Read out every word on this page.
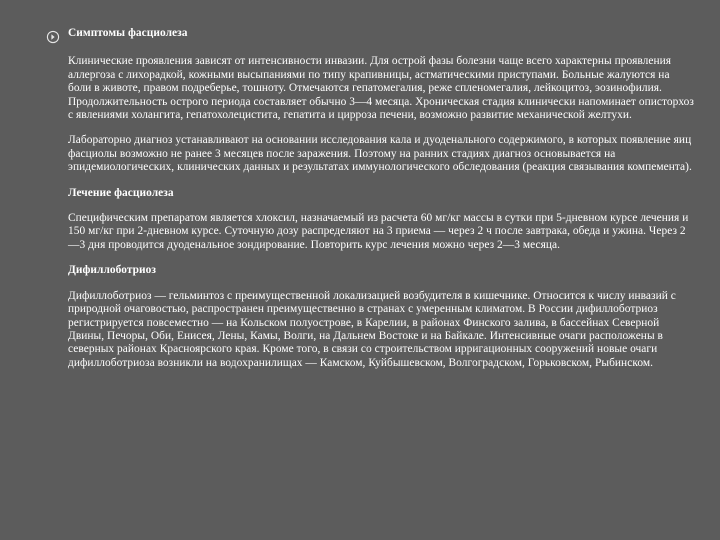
Симптомы фасциолеза

Клинические проявления зависят от интенсивности инвазии. Для острой фазы болезни чаще всего характерны проявления аллергоза с лихорадкой, кожными высыпаниями по типу крапивницы, астматическими приступами. Больные жалуются на боли в животе, правом подреберье, тошноту. Отмечаются гепатомегалия, реже спленомегалия, лейкоцитоз, эозинофилия. Продолжительность острого периода составляет обычно 3—4 месяца. Хроническая стадия клинически напоминает описторхоз с явлениями холангита, гепатохолецистита, гепатита и цирроза печени, возможно развитие механической желтухи.

Лабораторно диагноз устанавливают на основании исследования кала и дуоденального содержимого, в которых появление яиц фасциолы возможно не ранее 3 месяцев после заражения. Поэтому на ранних стадиях диагноз основывается на эпидемиологических, клинических данных и результатах иммунологического обследования (реакция связывания компемента).

Лечение фасциолеза

Специфическим препаратом является хлоксил, назначаемый из расчета 60 мг/кг массы в сутки при 5-дневном курсе лечения и 150 мг/кг при 2-дневном курсе. Суточную дозу распределяют на 3 приема — через 2 ч после завтрака, обеда и ужина. Через 2—3 дня проводится дуоденальное зондирование. Повторить курс лечения можно через 2—3 месяца.

Дифиллоботриоз

Дифиллоботриоз — гельминтоз с преимущественной локализацией возбудителя в кишечнике. Относится к числу инвазий с природной очаговостью, распространен преимущественно в странах с умеренным климатом. В России дифиллоботриоз регистрируется повсеместно — на Кольском полуострове, в Карелии, в районах Финского залива, в бассейнах Северной Двины, Печоры, Оби, Енисея, Лены, Камы, Волги, на Дальнем Востоке и на Байкале. Интенсивные очаги расположены в северных районах Красноярского края. Кроме того, в связи со строительством ирригационных сооружений новые очаги дифиллоботриоза возникли на водохранилищах — Камском, Куйбышевском, Волгоградском, Горьковском, Рыбинском.
